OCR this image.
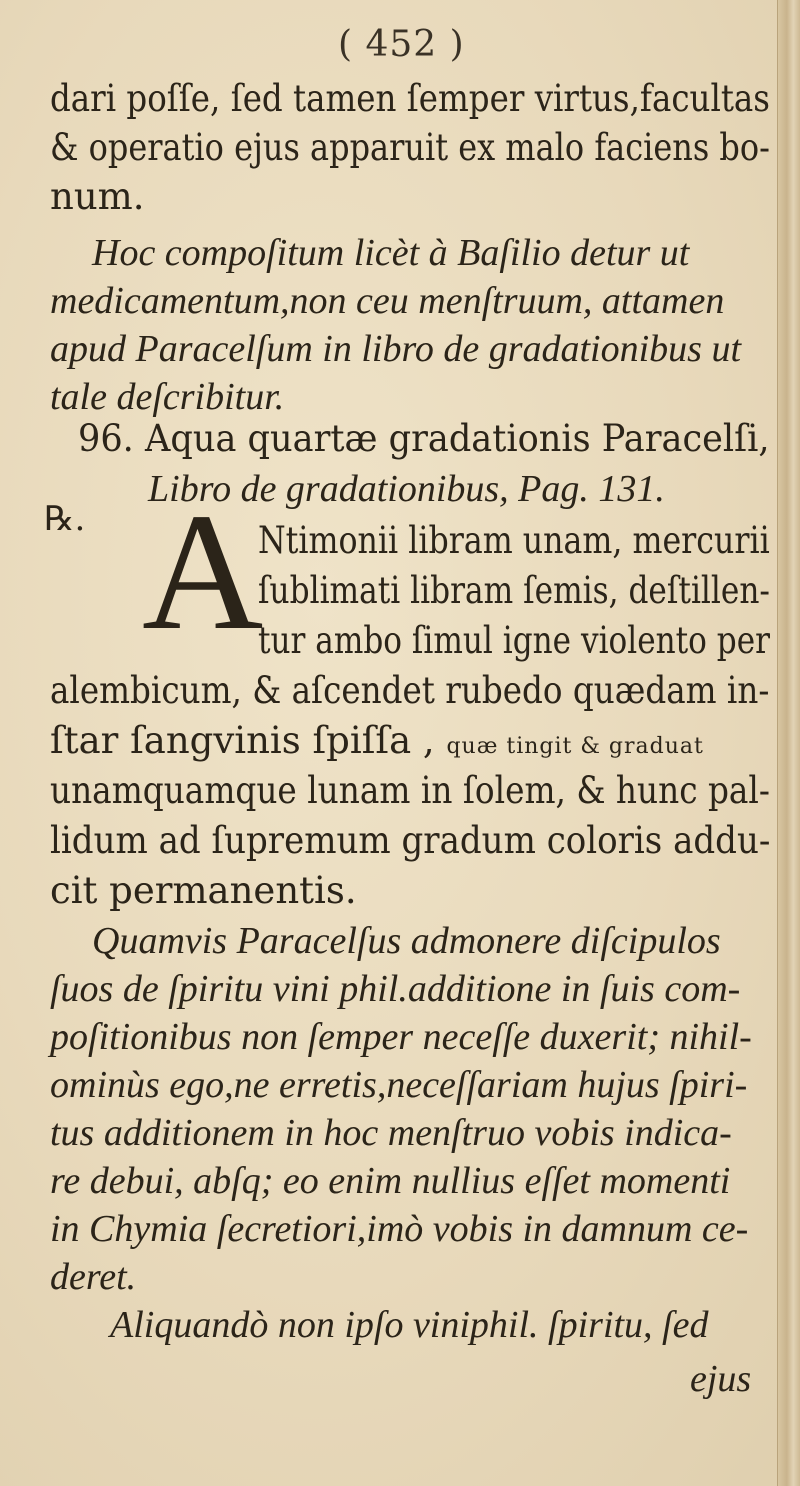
( 452 )
dari poſſe, ſed tamen ſemper virtus,facultas
& operatio ejus apparuit ex malo faciens bo-
num.
Hoc compoſitum licèt à Baſilio detur ut
medicamentum,non ceu menſtruum, attamen
apud Paracelſum in libro de gradationibus ut
tale deſcribitur.
96. Aqua quartæ gradationis Paracelſi,
Libro de gradationibus, Pag. 131.
℞. A
Ntimonii libram unam, mercurii
ſublimati libram ſemis, deſtillen-
tur ambo ſimul igne violento per
alembicum, & aſcendet rubedo quædam in-
ſtar ſangvinis ſpiſſa , quæ tingit & graduat
unamquamque lunam in ſolem, & hunc pal-
lidum ad ſupremum gradum coloris addu-
cit permanentis.
Quamvis Paracelſus admonere diſcipulos
ſuos de ſpiritu vini phil.additione in ſuis com-
poſitionibus non ſemper neceſſe duxerit; nihil-
ominùs ego,ne erretis,neceſſariam hujus ſpiri-
tus additionem in hoc menſtruo vobis indica-
re debui, abſq; eo enim nullius eſſet momenti
in Chymia ſecretiori,imò vobis in damnum ce-
deret.
Aliquandò non ipſo viniphil. ſpiritu, ſed
ejus
